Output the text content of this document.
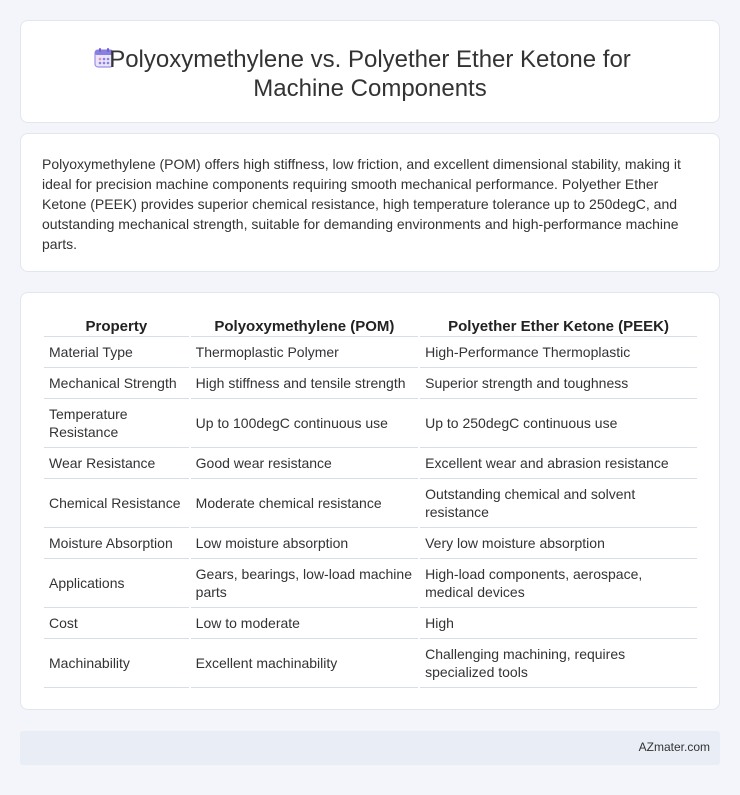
Polyoxymethylene vs. Polyether Ether Ketone for
Machine Components

Polyoxymethylene (POM) offers high stiffness, low friction, and excellent dimensional stability, making it ideal for precision machine components requiring smooth mechanical performance. Polyether Ether Ketone (PEEK) provides superior chemical resistance, high temperature tolerance up to 250degC, and outstanding mechanical strength, suitable for demanding environments and high-performance machine parts.

Property	Polyoxymethylene (POM)	Polyether Ether Ketone (PEEK)
Material Type	Thermoplastic Polymer	High-Performance Thermoplastic
Mechanical Strength	High stiffness and tensile strength	Superior strength and toughness
Temperature Resistance	Up to 100degC continuous use	Up to 250degC continuous use
Wear Resistance	Good wear resistance	Excellent wear and abrasion resistance
Chemical Resistance	Moderate chemical resistance	Outstanding chemical and solvent resistance
Moisture Absorption	Low moisture absorption	Very low moisture absorption
Applications	Gears, bearings, low-load machine parts	High-load components, aerospace, medical devices
Cost	Low to moderate	High
Machinability	Excellent machinability	Challenging machining, requires specialized tools
AZmater.com
